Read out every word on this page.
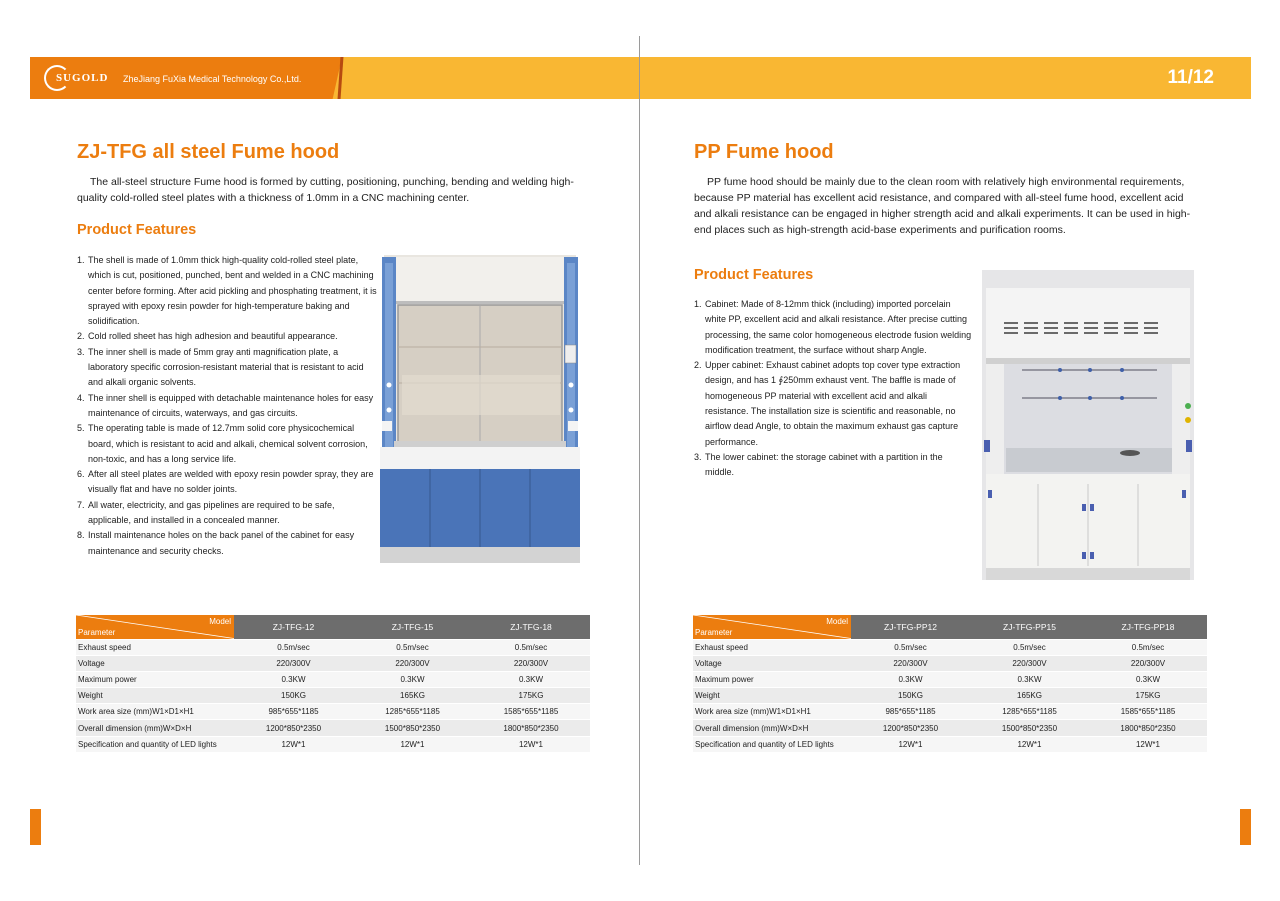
SUGOLD ZheJiang FuXia Medical Technology Co.,Ltd.	11/12
ZJ-TFG all steel Fume hood

The all-steel structure Fume hood is formed by cutting, positioning, punching, bending and welding high-quality cold-rolled steel plates with a thickness of 1.0mm in a CNC machining center.

Product Features
1. The shell is made of 1.0mm thick high-quality cold-rolled steel plate, which is cut, positioned, punched, bent and welded in a CNC machining center before forming. After acid pickling and phosphating treatment, it is sprayed with epoxy resin powder for high-temperature baking and solidification.
2. Cold rolled sheet has high adhesion and beautiful appearance.
3. The inner shell is made of 5mm gray anti magnification plate, a laboratory specific corrosion-resistant material that is resistant to acid and alkali organic solvents.
4. The inner shell is equipped with detachable maintenance holes for easy maintenance of circuits, waterways, and gas circuits.
5. The operating table is made of 12.7mm solid core physicochemical board, which is resistant to acid and alkali, chemical solvent corrosion, non-toxic, and has a long service life.
6. After all steel plates are welded with epoxy resin powder spray, they are visually flat and have no solder joints.
7. All water, electricity, and gas pipelines are required to be safe, applicable, and installed in a concealed manner.
8. Install maintenance holes on the back panel of the cabinet for easy maintenance and security checks.
Model
Parameter	ZJ-TFG-12	ZJ-TFG-15	ZJ-TFG-18
Exhaust speed	0.5m/sec	0.5m/sec	0.5m/sec
Voltage	220/300V	220/300V	220/300V
Maximum power	0.3KW	0.3KW	0.3KW
Weight	150KG	165KG	175KG
Work area size (mm)W1×D1×H1	985*655*1185	1285*655*1185	1585*655*1185
Overall dimension (mm)W×D×H	1200*850*2350	1500*850*2350	1800*850*2350
Specification and quantity of LED lights	12W*1	12W*1	12W*1
PP Fume hood

PP fume hood should be mainly due to the clean room with relatively high environmental requirements, because PP material has excellent acid resistance, and compared with all-steel fume hood, excellent acid and alkali resistance can be engaged in higher strength acid and alkali experiments. It can be used in high-end places such as high-strength acid-base experiments and purification rooms.

Product Features
1. Cabinet: Made of 8-12mm thick (including) imported porcelain white PP, excellent acid and alkali resistance. After precise cutting processing, the same color homogeneous electrode fusion welding modification treatment, the surface without sharp Angle.
2. Upper cabinet: Exhaust cabinet adopts top cover type extraction design, and has 1 ∮250mm exhaust vent. The baffle is made of homogeneous PP material with excellent acid and alkali resistance. The installation size is scientific and reasonable, no airflow dead Angle, to obtain the maximum exhaust gas capture performance.
3. The lower cabinet: the storage cabinet with a partition in the middle.
Model
Parameter	ZJ-TFG-PP12	ZJ-TFG-PP15	ZJ-TFG-PP18
Exhaust speed	0.5m/sec	0.5m/sec	0.5m/sec
Voltage	220/300V	220/300V	220/300V
Maximum power	0.3KW	0.3KW	0.3KW
Weight	150KG	165KG	175KG
Work area size (mm)W1×D1×H1	985*655*1185	1285*655*1185	1585*655*1185
Overall dimension (mm)W×D×H	1200*850*2350	1500*850*2350	1800*850*2350
Specification and quantity of LED lights	12W*1	12W*1	12W*1
